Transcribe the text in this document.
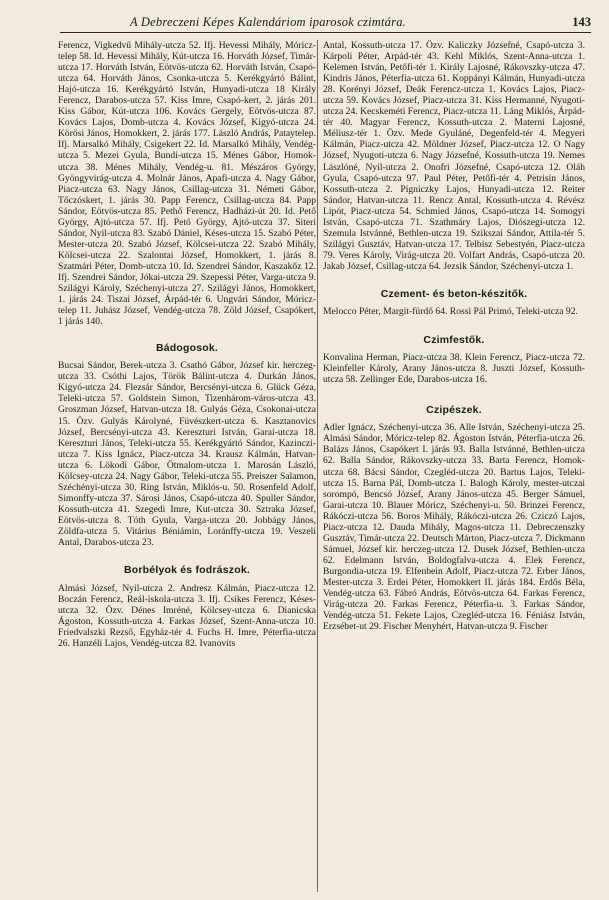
A Debreczeni Képes Kalendáriom iparosok czimtára.	143

Ferencz, Vigkedvű Mihály-utcza 52. Ifj. Hevessi Mihály, Móricz-telep 58. Id. Hevessi Mihály, Kút-utcza 16. Horváth József, Timár-utcza 17. Horváth István, Eötvös-utcza 62. Horváth István, Csapó-utcza 64. Horváth János, Csonka-utcza 5. Kerékgyártó Bálint, Hajó-utcza 16. Kerékgyártó István, Hunyadi-utcza 18 Király Ferencz, Darabos-utcza 57. Kiss Imre, Csapó-kert, 2. járás 201. Kiss Gábor, Kút-utcza 106. Kovács Gergely, Eötvös-utcza 87. Kovács Lajos, Domb-utcza 4. Kovács József, Kigyó-utcza 24. Körösi János, Homokkert, 2. járás 177. László András, Pataytelep. Ifj. Marsalkó Mihály, Csigekert 22. Id. Marsalkó Mihály, Vendég-utcza 5. Mezei Gyula, Bundi-utcza 15. Ménes Gábor, Homok-utcza 38. Ménes Mihály, Vendég-u. 81. Mészáros György, Gyöngyvirág-utcza 4. Molnár János, Apafi-utcza 4. Nagy Gábor, Piacz-utcza 63. Nagy János, Csillag-utcza 31. Németi Gábor, Tőczóskert, 1. járás 30. Papp Ferencz, Csillag-utcza 84. Papp Sándor, Eötvös-utcza 85. Pethő Ferencz, Hadházi-út 20. Id. Pető György, Ajtó-utcza 57. Ifj. Pető György, Ajtó-utcza 37. Siteri Sándor, Nyil-utcza 83. Szabó Dániel, Késes-utcza 15. Szabó Péter, Mester-utcza 20. Szabó József, Kölcsei-utcza 22. Szabó Mihály, Kölcsei-utcza 22. Szalontai József, Homokkert, 1. járás 8. Szatmári Péter, Domb-utcza 10. Id. Szendrei Sándor, Kaszakőz 12. Ifj. Szendrei Sándor, Jókai-utcza 29. Szepessi Péter, Varga-utcza 9. Szilágyi Károly, Széchenyi-utcza 27. Szilágyi János, Homokkert, 1. járás 24. Tiszai József, Árpád-tér 6. Ungvári Sándor, Móricz-telep 11. Juhász József, Vendég-utcza 78. Zöld József, Csapókert, 1 járás 140.

Bádogosok.

Bucsai Sándor, Berek-utcza 3. Csathó Gábor, József kir. herczeg-utcza 33. Csóthi Lajos, Török Bálint-utcza 4. Durkán János, Kigyó-utcza 24. Flezsár Sándor, Bercsényi-utcza 6. Glück Géza, Teleki-utcza 57. Goldstein Simon, Tizenhárom-város-utcza 43. Groszman József, Hatvan-utcza 18. Gulyás Géza, Csokonai-utcza 15. Özv. Gulyás Károlyné, Füvészkert-utcza 6. Kasztanovics József, Bercsényi-utcza 43. Kereszturi István, Garai-utcza 18. Kereszturi János, Teleki-utcza 55. Kerékgyártó Sándor, Kazinczi-utcza 7. Kiss Ignácz, Piacz-utcza 34. Krausz Kálmán, Hatvan-utcza 6. Lökodi Gábor, Ötmalom-utcza 1. Marosán László, Kölcsey-utcza 24. Nagy Gábor, Teleki-utcza 55. Preiszer Salamon, Széchényi-utcza 30. Ring István, Miklós-u. 50. Rosenfeld Adolf, Simonffy-utcza 37. Sárosi János, Csapó-utcza 40. Spuller Sándor, Kossuth-utcza 41. Szegedi Imre, Kut-utcza 30. Sztraka József, Eötvös-utcza 8. Tóth Gyula, Varga-utcza 20. Jobbágy János, Zöldfa-utcza 5. Vitárius Béniámin, Loránffy-utcza 19. Veszeli Antal, Darabos-utcza 23.

Borbélyok és fodrászok.

Almási József, Nyil-utcza 2. Andresz Kálmán, Piacz-utcza 12. Boczán Ferencz, Reál-iskola-utcza 3. Ifj. Csikes Ferencz, Késes-utcza 32. Özv. Dénes Imréné, Kölcsey-utcza 6. Dianicska Ágoston, Kossuth-utcza 4. Farkas József, Szent-Anna-utcza 10. Friedvalszki Rezső, Egyház-tér 4. Fuchs H. Imre, Péterfia-utcza 26. Hanzéli Lajos, Vendég-utcza 82. Ivanovits

Antal, Kossuth-utcza 17. Özv. Kaliczky Józsefné, Csapó-utcza 3. Kárpoli Péter, Arpád-tér 43. Kehl Miklós, Szent-Anna-utcza 1. Kelemen István, Petőfi-tér 1. Király Lajosné, Rákovszky-utcza 47. Kindris János, Péterfia-utcza 61. Koppányi Kálmán, Hunyadi-utcza 28. Korényi József, Deák Ferencz-utcza 1. Kovács Lajos, Piacz-utcza 59. Kovács József, Piacz-utcza 31. Kiss Hermanné, Nyugoti-utcza 24. Kecskeméti Ferencz, Piacz-utcza 11. Láng Miklós, Árpád-tér 40. Magyar Ferencz, Kossuth-utcza 2. Materni Lajosné, Méliusz-tér 1. Özv. Mede Gyuláné, Degenfeld-tér 4. Megyeri Kálmán, Piacz-utcza 42. Möldner József, Piacz-utcza 12. O Nagy József, Nyugoti-utcza 6. Nagy Józsefné, Kossuth-utcza 19. Nemes Lászlóné, Nyil-utcza 2. Onofri Józsefné, Csapó-utcza 12. Oláh Gyula, Csapó-utcza 97. Paul Péter, Petőfi-tér 4. Petrisin János, Kossuth-utcza 2. Pigniczky Lajos, Hunyadi-utcza 12. Reiter Sándor, Hatvan-utcza 11. Rencz Antal, Kossuth-utcza 4. Révész Lipót, Piacz-utcza 54. Schmied János, Csapó-utcza 14. Somogyi István, Csapó-utcza 71. Szathmáry Lajos, Diószegi-utcza 12. Szemula Istvánné, Bethlen-utcza 19. Szikszai Sándor, Attila-tér 5. Szilágyi Gusztáv, Hatvan-utcza 17. Telbisz Sebestyén, Piacz-utcza 79. Veres Károly, Virág-utcza 20. Volfart András, Csapó-utcza 20. Jakab József, Csillag-utcza 64. Jezsik Sándor, Széchenyi-utcza 1.

Czement- és beton-készitők.

Melocco Péter, Margit-fürdő 64. Rossi Pál Primó, Teleki-utcza 92.

Czimfestők.

Konvalina Herman, Piacz-utcza 38. Klein Ferencz, Piacz-utcza 72. Kleinfeller Károly, Arany János-utcza 8. Juszti József, Kossuth-utcza 58. Zellinger Ede, Darabos-utcza 16.

Czipészek.

Adler Ignácz, Széchenyi-utcza 36. Alle István, Széchenyi-utcza 25. Almási Sándor, Móricz-telep 82. Ágoston István, Péterfia-utcza 26. Balázs János, Csapókert I. járás 93. Balla Istvánné, Bethlen-utcza 62. Balla Sándor, Rákovszky-utcza 33. Barta Ferencz, Homok-utcza 68. Bácsi Sándor, Czegléd-utcza 20. Bartus Lajos, Teleki-utcza 15. Barna Pál, Domb-utcza 1. Balogh Károly, mester-utczai sorompó, Bencsó József, Arany János-utcza 45. Berger Sámuel, Garai-utcza 10. Blauer Móricz, Széchenyi-u. 50. Brinzei Ferencz, Rákóczi-utcza 56. Boros Mihály, Rákóczi-utcza 26. Cziczó Lajos, Piacz-utcza 12. Dauda Mihály, Magos-utcza 11. Debreczenszky Gusztáv, Timár-utcza 22. Deutsch Márton, Piacz-utcza 7. Dickmann Sámuel, József kir. herczeg-utcza 12. Dusek József, Bethlen-utcza 62. Edelmann István, Boldogfalva-utcza 4. Elek Ferencz, Burgondia-utcza 19. Elfenbein Adolf, Piacz-utcza 72. Erber János, Mester-utcza 3. Erdei Péter, Homokkert II. járás 184. Erdős Béla, Vendég-utcza 63. Fábró András, Eötvös-utcza 64. Farkas Ferencz, Virág-utcza 20. Farkas Ferencz, Péterfia-u. 3. Farkas Sándor, Vendég-utcza 51. Fekete Lajos, Czegléd-utcza 16. Féniász István, Erzsébet-ut 29. Fischer Menyhért, Hatvan-utcza 9. Fischer
